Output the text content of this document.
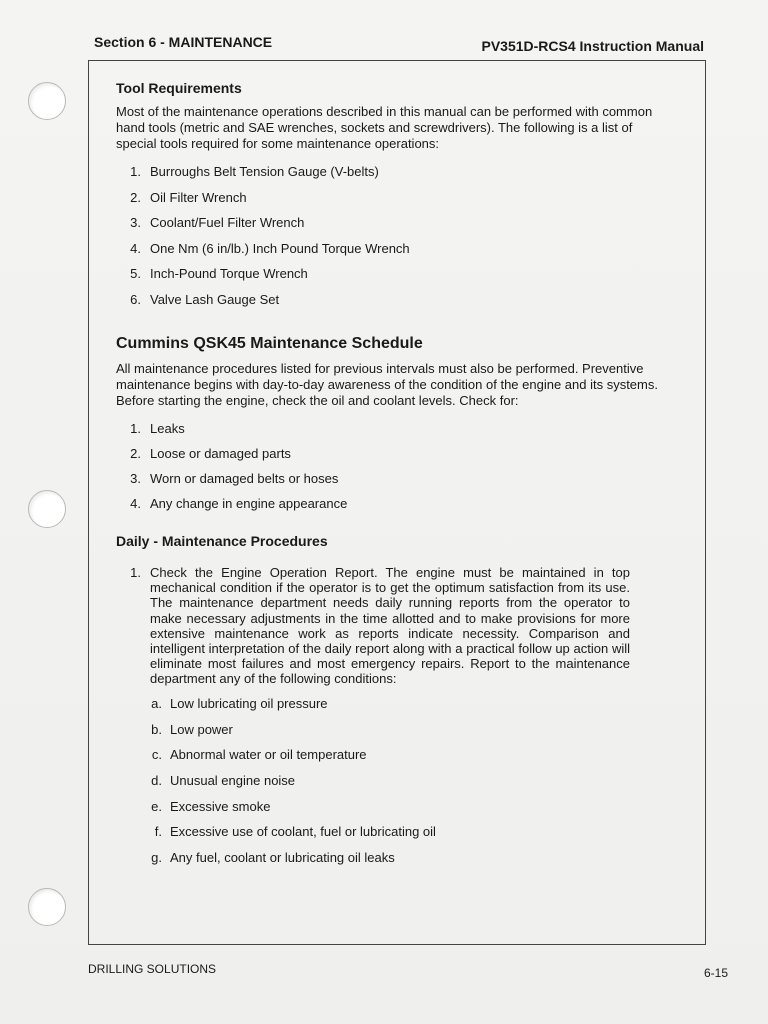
Section 6 - MAINTENANCE	PV351D-RCS4 Instruction Manual
Tool Requirements

Most of the maintenance operations described in this manual can be performed with common hand tools (metric and SAE wrenches, sockets and screwdrivers). The following is a list of special tools required for some maintenance operations:

1. Burroughs Belt Tension Gauge (V-belts)
2. Oil Filter Wrench
3. Coolant/Fuel Filter Wrench
4. One Nm (6 in/lb.) Inch Pound Torque Wrench
5. Inch-Pound Torque Wrench
6. Valve Lash Gauge Set
Cummins QSK45 Maintenance Schedule

All maintenance procedures listed for previous intervals must also be performed. Preventive maintenance begins with day-to-day awareness of the condition of the engine and its systems. Before starting the engine, check the oil and coolant levels. Check for:

1. Leaks
2. Loose or damaged parts
3. Worn or damaged belts or hoses
4. Any change in engine appearance
Daily - Maintenance Procedures
1. Check the Engine Operation Report. The engine must be maintained in top mechanical condition if the operator is to get the optimum satisfaction from its use. The maintenance department needs daily running reports from the operator to make necessary adjustments in the time allotted and to make provisions for more extensive maintenance work as reports indicate necessity. Comparison and intelligent interpretation of the daily report along with a practical follow up action will eliminate most failures and most emergency repairs. Report to the maintenance department any of the following conditions:
a. Low lubricating oil pressure
b. Low power
c. Abnormal water or oil temperature
d. Unusual engine noise
e. Excessive smoke
f. Excessive use of coolant, fuel or lubricating oil
g. Any fuel, coolant or lubricating oil leaks
DRILLING SOLUTIONS	6-15
